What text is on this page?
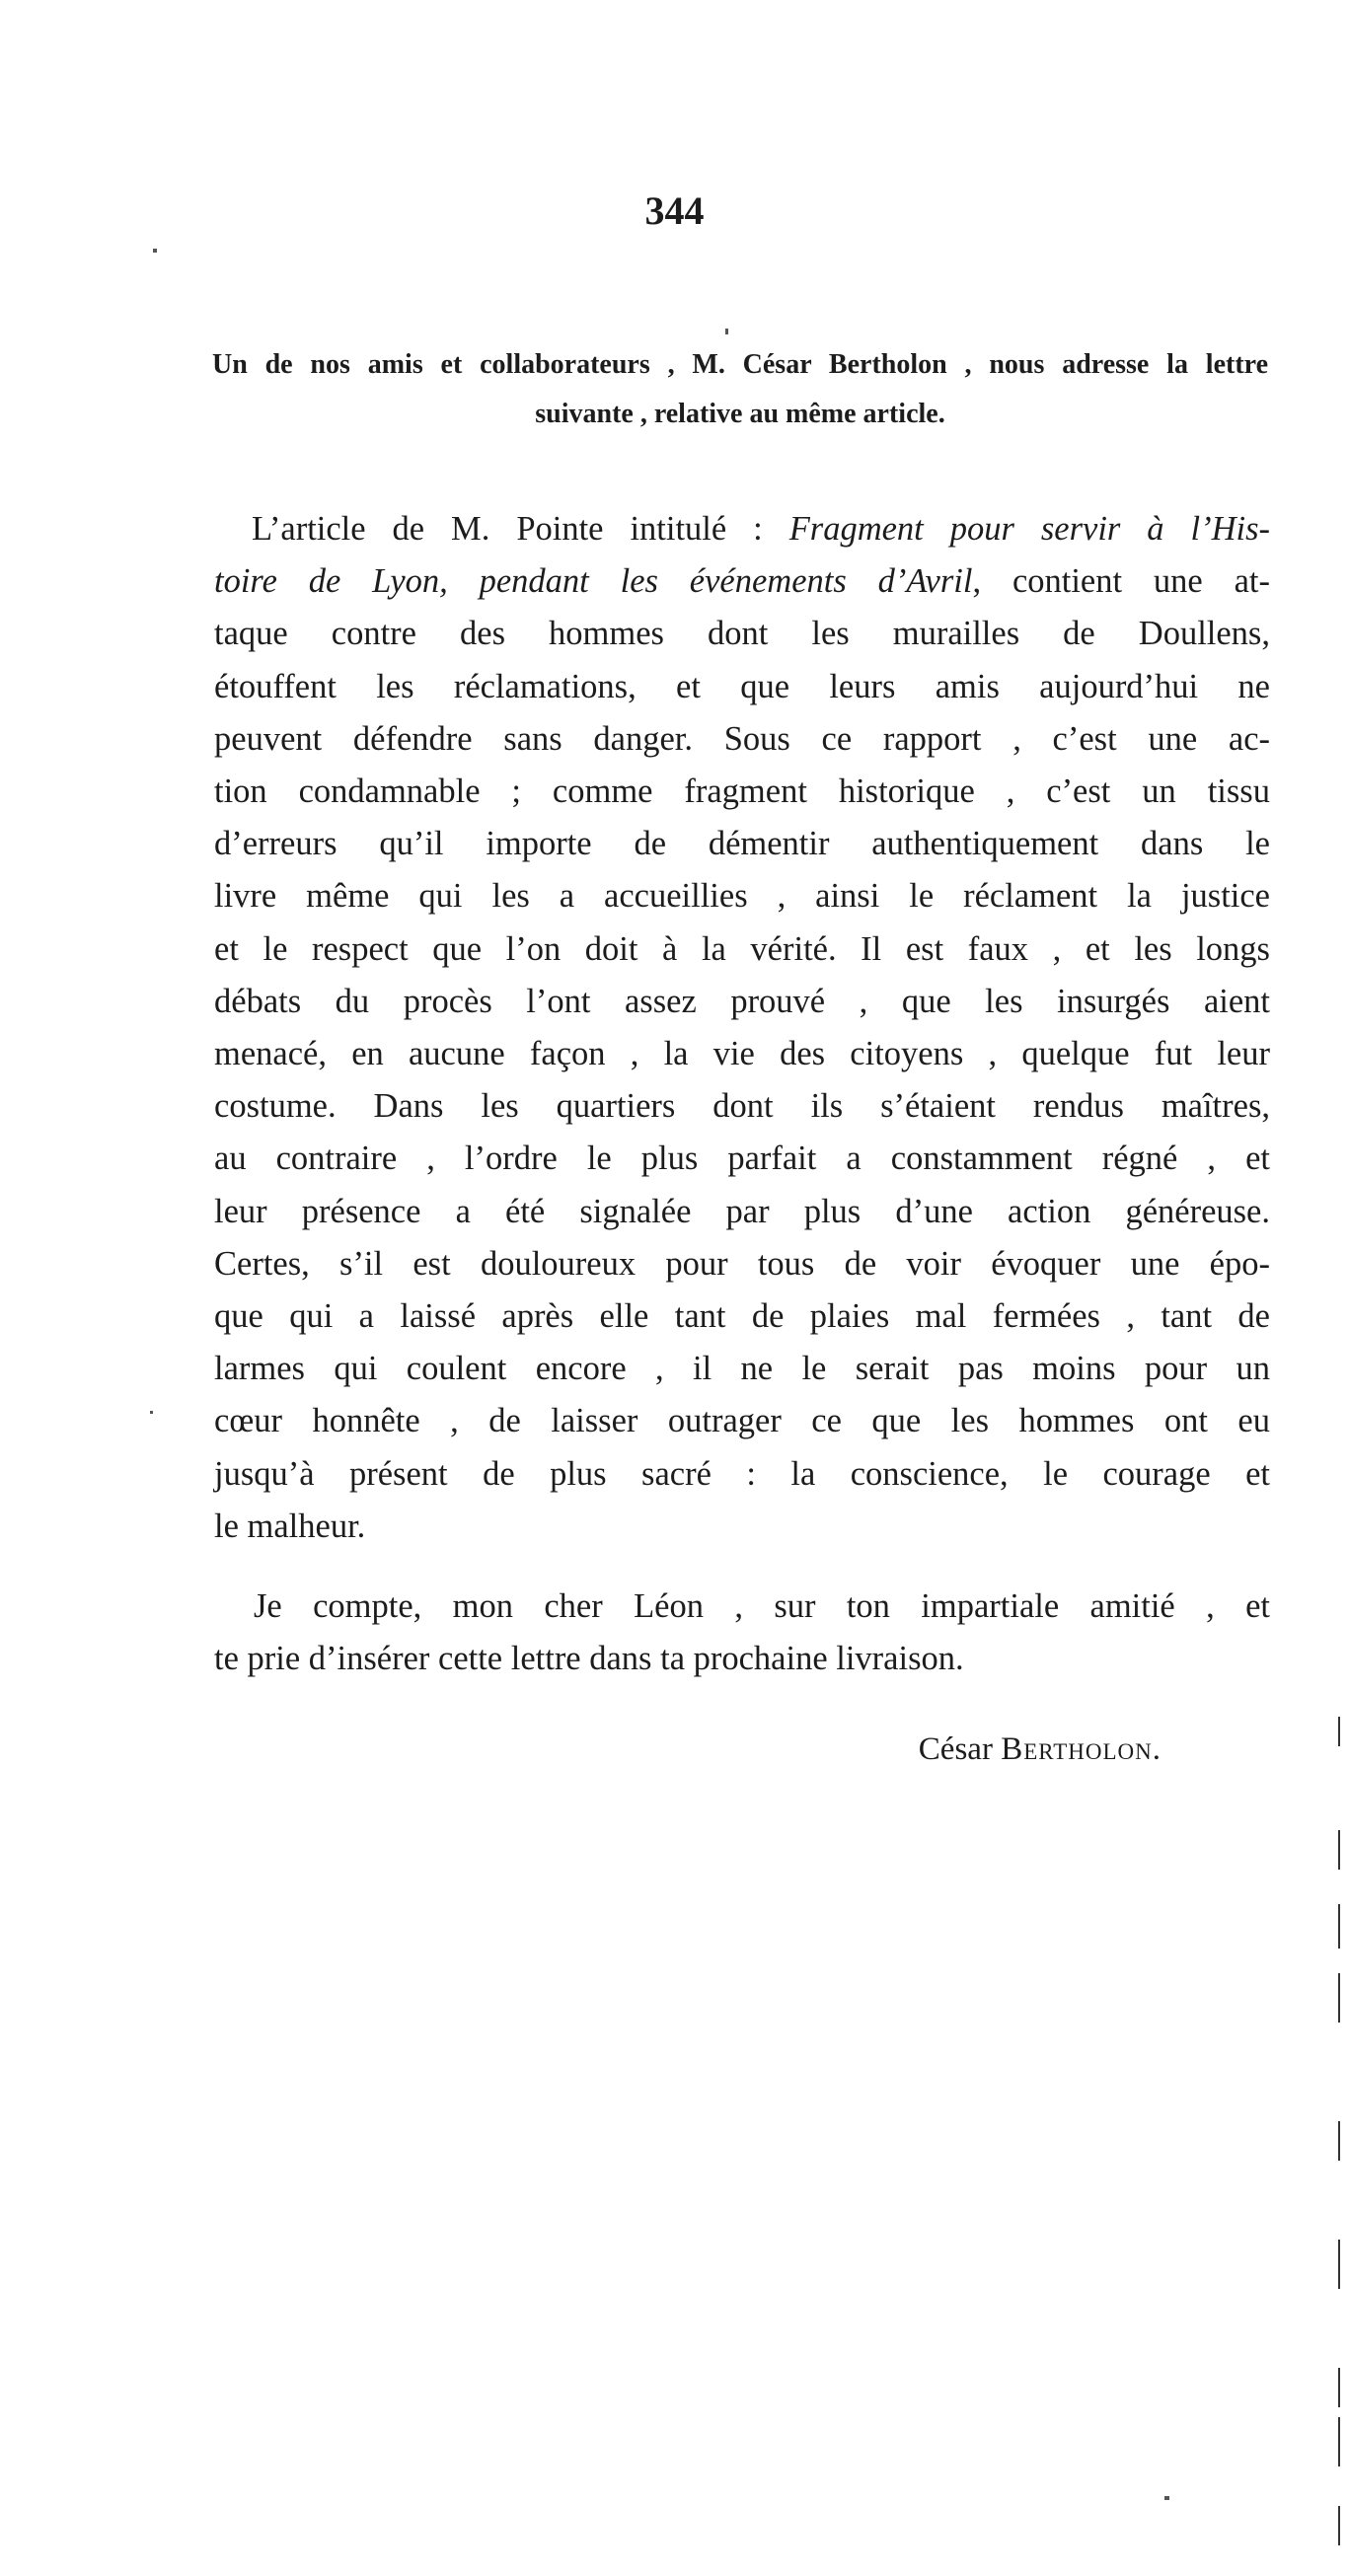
344

Un de nos amis et collaborateurs , M. César Bertholon , nous adresse la lettre

suivante , relative au même article.

L’article de M. Pointe intitulé : Fragment pour servir à l’His-
toire de Lyon, pendant les événements d’Avril, contient une at-
taque contre des hommes dont les murailles de Doullens,
étouffent les réclamations, et que leurs amis aujourd’hui ne
peuvent défendre sans danger. Sous ce rapport , c’est une ac-
tion condamnable ; comme fragment historique , c’est un tissu
d’erreurs qu’il importe de démentir authentiquement dans le
livre même qui les a accueillies , ainsi le réclament la justice
et le respect que l’on doit à la vérité. Il est faux , et les longs
débats du procès l’ont assez prouvé , que les insurgés aient
menacé, en aucune façon , la vie des citoyens , quelque fut leur
costume. Dans les quartiers dont ils s’étaient rendus maîtres,
au contraire , l’ordre le plus parfait a constamment régné , et
leur présence a été signalée par plus d’une action généreuse.
Certes, s’il est douloureux pour tous de voir évoquer une épo-
que qui a laissé après elle tant de plaies mal fermées , tant de
larmes qui coulent encore , il ne le serait pas moins pour un
cœur honnête , de laisser outrager ce que les hommes ont eu
jusqu’à présent de plus sacré : la conscience, le courage et
le malheur.

Je compte, mon cher Léon , sur ton impartiale amitié , et
te prie d’insérer cette lettre dans ta prochaine livraison.

César Bertholon.
